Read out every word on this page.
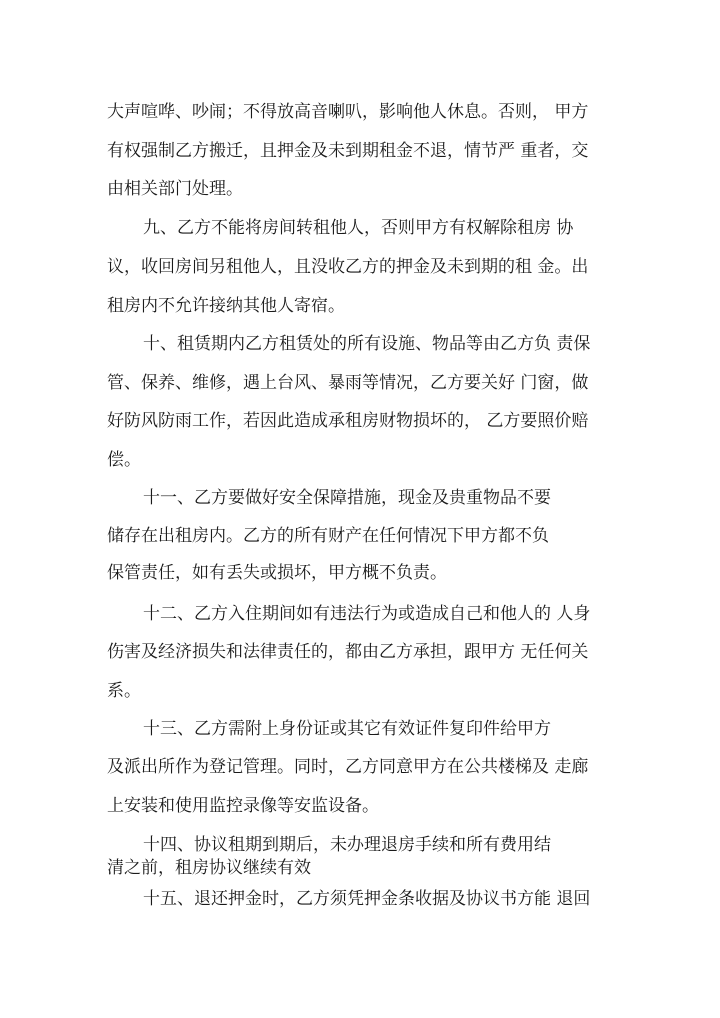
大声喧哗、吵闹；不得放高音喇叭，影响他人休息。否则， 甲方
有权强制乙方搬迁，且押金及未到期租金不退，情节严 重者，交
由相关部门处理。
九、乙方不能将房间转租他人，否则甲方有权解除租房 协
议，收回房间另租他人，且没收乙方的押金及未到期的租 金。出
租房内不允许接纳其他人寄宿。
十、租赁期内乙方租赁处的所有设施、物品等由乙方负 责保
管、保养、维修，遇上台风、暴雨等情况，乙方要关好 门窗，做
好防风防雨工作，若因此造成承租房财物损坏的， 乙方要照价赔
偿。
十一、乙方要做好安全保障措施，现金及贵重物品不要
储存在出租房内。乙方的所有财产在任何情况下甲方都不负
保管责任，如有丢失或损坏，甲方概不负责。
十二、乙方入住期间如有违法行为或造成自己和他人的 人身
伤害及经济损失和法律责任的，都由乙方承担，跟甲方 无任何关
系。
十三、乙方需附上身份证或其它有效证件复印件给甲方
及派出所作为登记管理。同时，乙方同意甲方在公共楼梯及 走廊
上安装和使用监控录像等安监设备。
十四、协议租期到期后，未办理退房手续和所有费用结
清之前，租房协议继续有效
十五、退还押金时，乙方须凭押金条收据及协议书方能 退回
